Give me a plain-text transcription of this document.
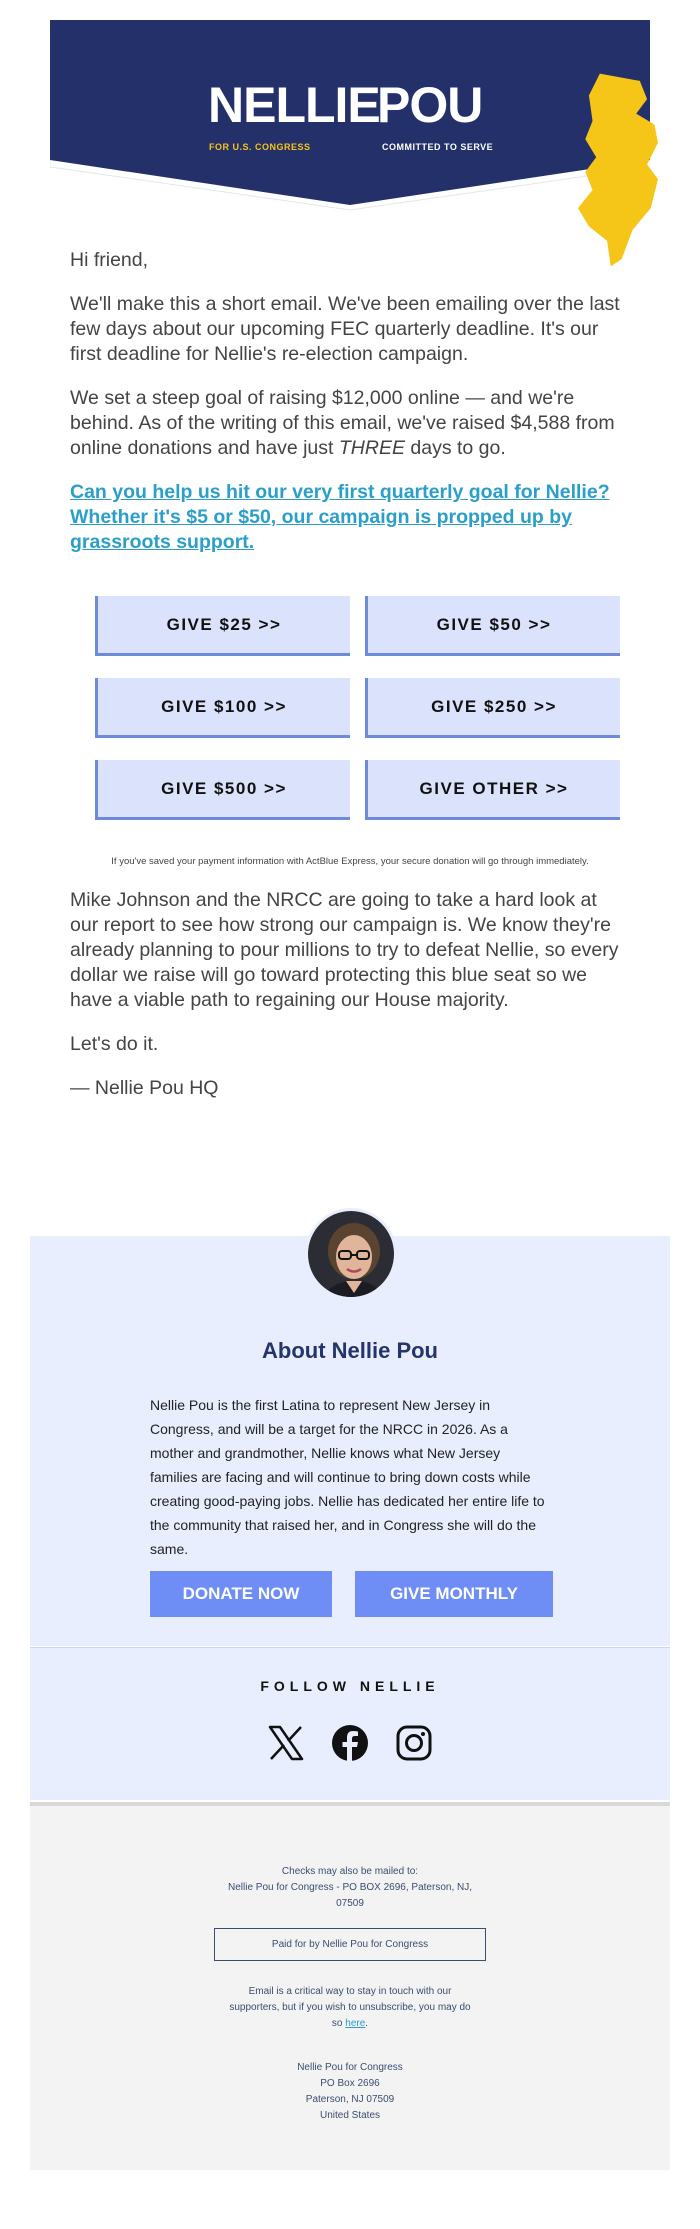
NELLIE
POU
FOR U.S. CONGRESS	COMMITTED TO SERVE

Hi friend,

We'll make this a short email. We've been emailing over the last few days about our upcoming FEC quarterly deadline. It's our first deadline for Nellie's re-election campaign.

We set a steep goal of raising $12,000 online — and we're behind. As of the writing of this email, we've raised $4,588 from online donations and have just THREE days to go.

Can you help us hit our very first quarterly goal for Nellie? Whether it's $5 or $50, our campaign is propped up by grassroots support.
GIVE $25 >>	GIVE $50 >>
GIVE $100 >>	GIVE $250 >>
GIVE $500 >>	GIVE OTHER >>
If you've saved your payment information with ActBlue Express, your secure donation will go through immediately.

Mike Johnson and the NRCC are going to take a hard look at our report to see how strong our campaign is. We know they're already planning to pour millions to try to defeat Nellie, so every dollar we raise will go toward protecting this blue seat so we have a viable path to regaining our House majority.

Let's do it.

— Nellie Pou HQ

About Nellie Pou
Nellie Pou is the first Latina to represent New Jersey in Congress, and will be a target for the NRCC in 2026. As a mother and grandmother, Nellie knows what New Jersey families are facing and will continue to bring down costs while creating good-paying jobs. Nellie has dedicated her entire life to the community that raised her, and in Congress she will do the same.
DONATE NOW	GIVE MONTHLY
FOLLOW NELLIE
Checks may also be mailed to:
Nellie Pou for Congress - PO BOX 2696, Paterson, NJ,
07509
Paid for by Nellie Pou for Congress
Email is a critical way to stay in touch with our
supporters, but if you wish to unsubscribe, you may do
so here.
Nellie Pou for Congress
PO Box 2696
Paterson, NJ 07509
United States
